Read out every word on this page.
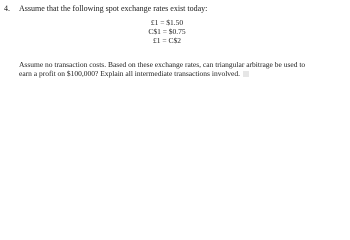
4. Assume that the following spot exchange rates exist today:
£1 = $1.50
C$1 = $0.75
£1 = C$2
Assume no transaction costs. Based on these exchange rates, can triangular arbitrage be used to
earn a profit on $100,000? Explain all intermediate transactions involved.
